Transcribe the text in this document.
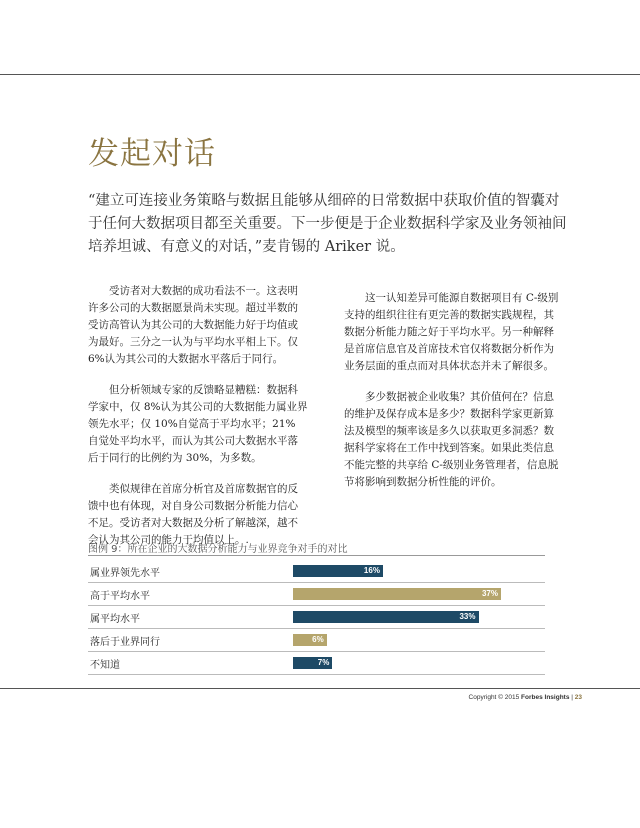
发起对话

“建立可连接业务策略与数据且能够从细碎的日常数据中获取价值的智囊对于任何大数据项目都至关重要。下一步便是于企业数据科学家及业务领袖间培养坦诚、有意义的对话，”麦肯锡的 Ariker 说。

受访者对大数据的成功看法不一。这表明许多公司的大数据愿景尚未实现。超过半数的受访高管认为其公司的大数据能力好于均值或为最好。三分之一认为与平均水平相上下。仅 6%认为其公司的大数据水平落后于同行。

但分析领域专家的反馈略显糟糕：数据科学家中，仅 8%认为其公司的大数据能力属业界领先水平；仅 10%自觉高于平均水平；21% 自觉处平均水平，而认为其公司大数据水平落后于同行的比例约为 30%，为多数。

类似规律在首席分析官及首席数据官的反馈中也有体现，对自身公司数据分析能力信心不足。受访者对大数据及分析了解越深，越不会认为其公司的能力于均值以上。.

这一认知差异可能源自数据项目有 C-级别支持的组织往往有更完善的数据实践规程，其数据分析能力随之好于平均水平。另一种解释是首席信息官及首席技术官仅将数据分析作为业务层面的重点而对具体状态并未了解很多。

多少数据被企业收集？其价值何在？信息的维护及保存成本是多少？数据科学家更新算法及模型的频率该是多久以获取更多洞悉？数据科学家将在工作中找到答案。如果此类信息不能完整的共享给 C-级别业务管理者，信息脱节将影响到数据分析性能的评价。

图例 9：所在企业的大数据分析能力与业界竞争对手的对比
属业界领先水平	16%
高于平均水平	37%
属平均水平	33%
落后于业界同行	6%
不知道	7%
Copyright © 2015 Forbes Insights | 23
